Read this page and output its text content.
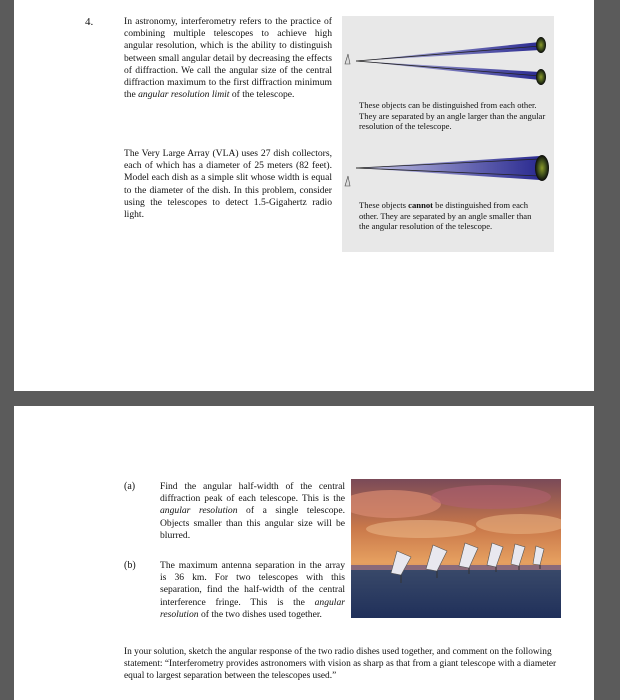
4.	In astronomy, interferometry refers to the practice of combining multiple telescopes to achieve high angular resolution, which is the ability to distinguish between small angular detail by decreasing the effects of diffraction. We call the angular size of the central diffraction maximum to the first diffraction minimum the angular resolution limit of the telescope.
The Very Large Array (VLA) uses 27 dish collectors, each of which has a diameter of 25 meters (82 feet). Model each dish as a simple slit whose width is equal to the diameter of the dish. In this problem, consider using the telescopes to detect 1.5-Gigahertz radio light.
These objects can be distinguished from each other. They are separated by an angle larger than the angular resolution of the telescope.
These objects cannot be distinguished from each other. They are separated by an angle smaller than the angular resolution of the telescope.
(a)	Find the angular half-width of the central diffraction peak of each telescope. This is the angular resolution of a single telescope. Objects smaller than this angular size will be blurred.
(b)	The maximum antenna separation in the array is 36 km. For two telescopes with this separation, find the half-width of the central interference fringe. This is the angular resolution of the two dishes used together.
In your solution, sketch the angular response of the two radio dishes used together, and comment on the following statement: “Interferometry provides astronomers with vision as sharp as that from a giant telescope with a diameter equal to largest separation between the telescopes used.”
